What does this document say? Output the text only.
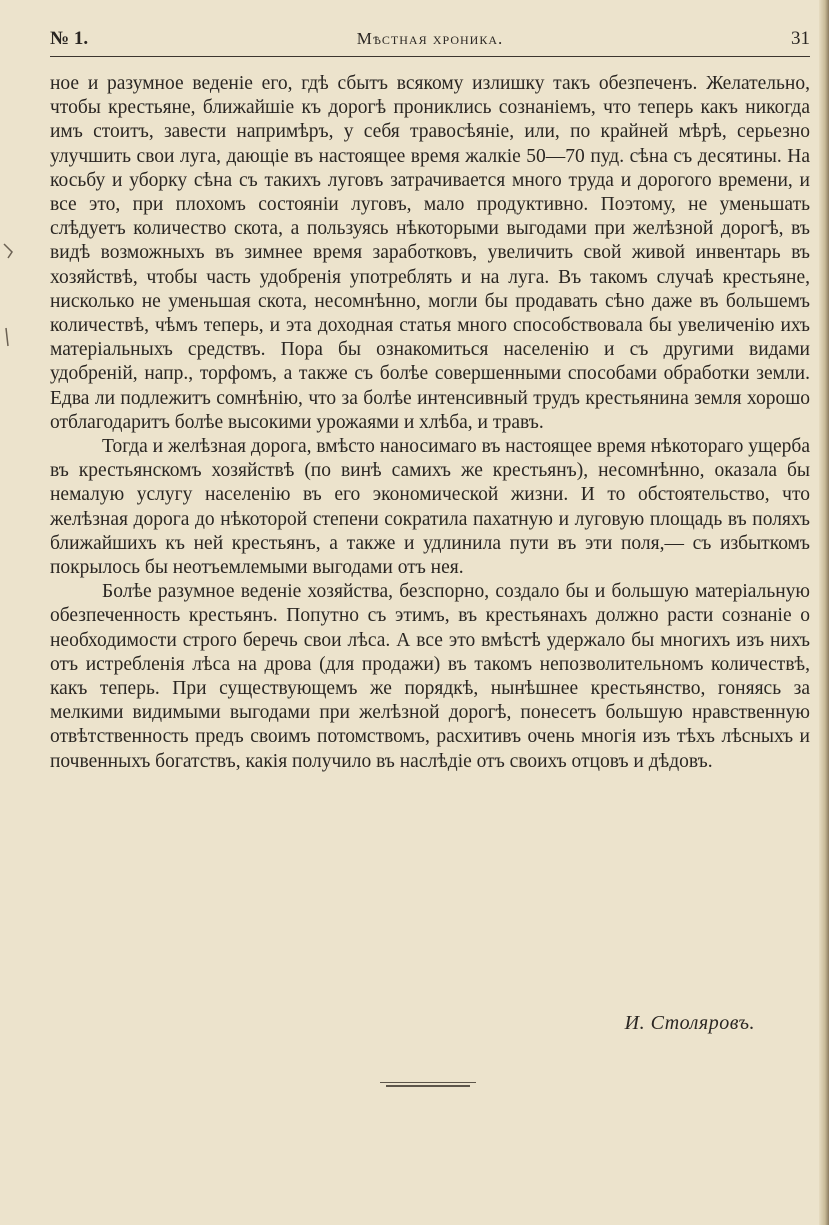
№ 1.	Мѣстная хроника.	31

ное и разумное веденіе его, гдѣ сбытъ всякому излишку такъ обезпеченъ. Желательно, чтобы крестьяне, ближайшіе къ дорогѣ прониклись сознаніемъ, что теперь какъ никогда имъ стоитъ, завести напримѣръ, у себя травосѣяніе, или, по крайней мѣрѣ, серьезно улучшить свои луга, дающіе въ настоящее время жалкіе 50—70 пуд. сѣна съ десятины. На косьбу и уборку сѣна съ такихъ луговъ затрачивается много труда и дорогого времени, и все это, при плохомъ состояніи луговъ, мало продуктивно. Поэтому, не уменьшать слѣдуетъ количество скота, а пользуясь нѣкоторыми выгодами при желѣзной дорогѣ, въ видѣ возможныхъ въ зимнее время заработковъ, увеличить свой живой инвентарь въ хозяйствѣ, чтобы часть удобренія употреблять и на луга. Въ такомъ случаѣ крестьяне, нисколько не уменьшая скота, несомнѣнно, могли бы продавать сѣно даже въ большемъ количествѣ, чѣмъ теперь, и эта доходная статья много способствовала бы увеличенію ихъ матеріальныхъ средствъ. Пора бы ознакомиться населенію и съ другими видами удобреній, напр., торфомъ, а также съ болѣе совершенными способами обработки земли. Едва ли подлежитъ сомнѣнію, что за болѣе интенсивный трудъ крестьянина земля хорошо отблагодаритъ болѣе высокими урожаями и хлѣба, и травъ.

Тогда и желѣзная дорога, вмѣсто наносимаго въ настоящее время нѣкотораго ущерба въ крестьянскомъ хозяйствѣ (по винѣ самихъ же крестьянъ), несомнѣнно, оказала бы немалую услугу населенію въ его экономической жизни. И то обстоятельство, что желѣзная дорога до нѣкоторой степени сократила пахатную и луговую площадь въ поляхъ ближайшихъ къ ней крестьянъ, а также и удлинила пути въ эти поля,— съ избыткомъ покрылось бы неотъемлемыми выгодами отъ нея.

Болѣе разумное веденіе хозяйства, безспорно, создало бы и большую матеріальную обезпеченность крестьянъ. Попутно съ этимъ, въ крестьянахъ должно расти сознаніе о необходимости строго беречь свои лѣса. А все это вмѣстѣ удержало бы многихъ изъ нихъ отъ истребленія лѣса на дрова (для продажи) въ такомъ непозволительномъ количествѣ, какъ теперь. При существующемъ же порядкѣ, нынѣшнее крестьянство, гоняясь за мелкими видимыми выгодами при желѣзной дорогѣ, понесетъ большую нравственную отвѣтственность предъ своимъ потомствомъ, расхитивъ очень многія изъ тѣхъ лѣсныхъ и почвенныхъ богатствъ, какія получило въ наслѣдіе отъ своихъ отцовъ и дѣдовъ.

И. Столяровъ.
